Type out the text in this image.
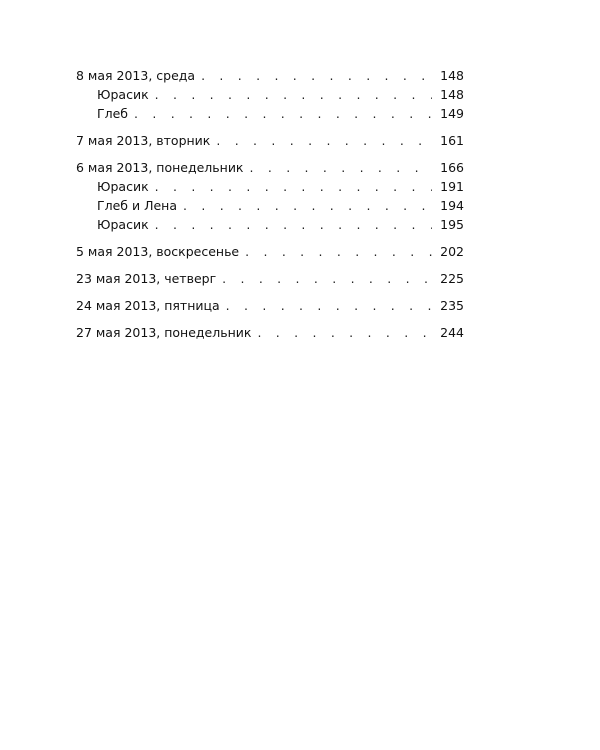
8 мая 2013, среда . . .	148
Юрасик . . .	148
Глеб . . .	149
7 мая 2013, вторник . . .	161
6 мая 2013, понедельник . . .	166
Юрасик . . .	191
Глеб и Лена . . .	194
Юрасик . . .	195
5 мая 2013, воскресенье . . .	202
23 мая 2013, четверг . . .	225
24 мая 2013, пятница . . .	235
27 мая 2013, понедельник . . .	244
